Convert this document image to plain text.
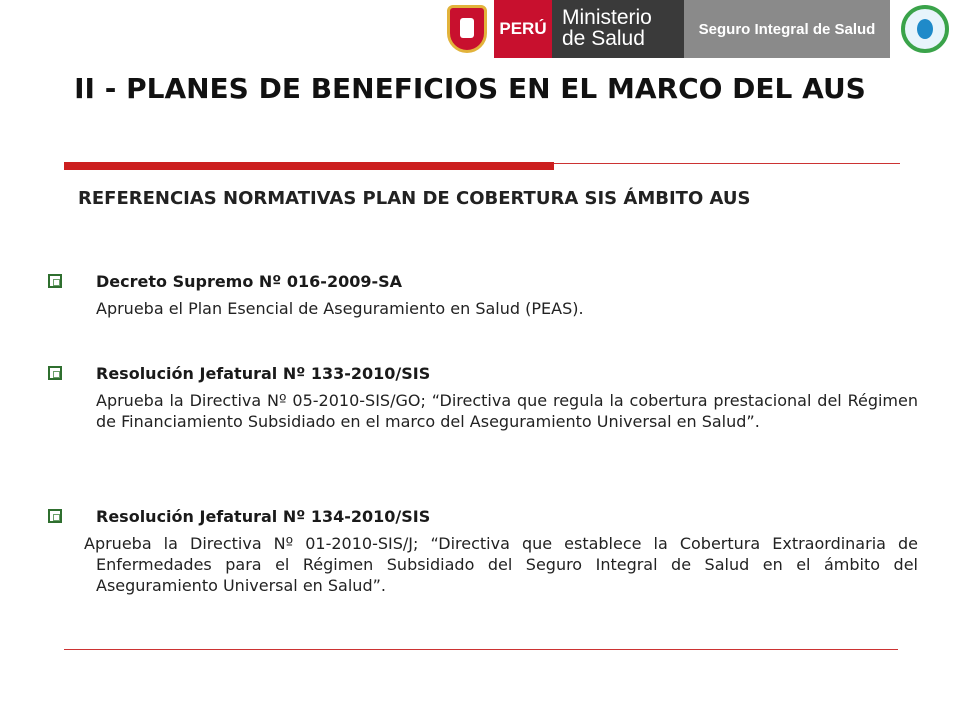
PERÚ Ministerio
de Salud	Seguro Integral de Salud
II - PLANES DE BENEFICIOS EN EL MARCO DEL AUS
REFERENCIAS NORMATIVAS PLAN DE COBERTURA SIS ÁMBITO AUS
Decreto Supremo Nº 016-2009-SA
Aprueba el Plan Esencial de Aseguramiento en Salud (PEAS).
Resolución Jefatural Nº 133-2010/SIS
Aprueba la Directiva Nº 05-2010-SIS/GO; “Directiva que regula la cobertura prestacional del Régimen de Financiamiento Subsidiado en el marco del Aseguramiento Universal en Salud”.
Resolución Jefatural Nº 134-2010/SIS
Aprueba la Directiva Nº 01-2010-SIS/J; “Directiva que establece la Cobertura Extraordinaria de Enfermedades para el Régimen Subsidiado del Seguro Integral de Salud en el ámbito del Aseguramiento Universal en Salud”.
